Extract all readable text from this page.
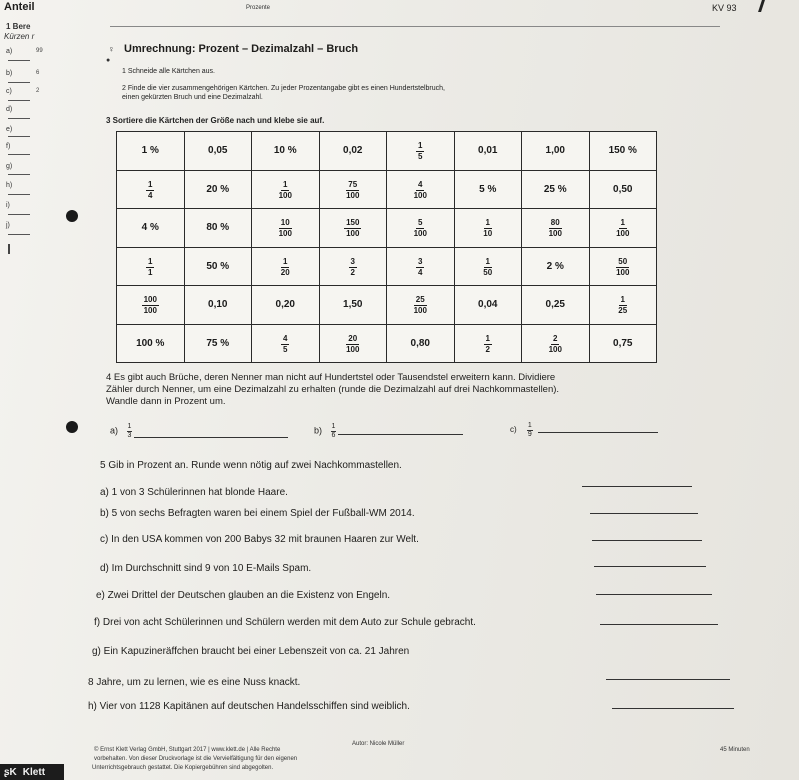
Anteil	Prozente	KV 93
1 Bere
Kürzen r
a)	99
b)	6
c)	2
d)
e)
f)
g)
h)
i)
j)
♀
●
Umrechnung: Prozent – Dezimalzahl – Bruch
1 Schneide alle Kärtchen aus.
2 Finde die vier zusammengehörigen Kärtchen. Zu jeder Prozentangabe gibt es einen Hundertstelbruch,
einen gekürzten Bruch und eine Dezimalzahl.
3 Sortiere die Kärtchen der Größe nach und klebe sie auf.
1 %	0,05	10 %	0,02	$\frac{1}{5}$	0,01	1,00	150 %

$\frac{1}{4}$	20 %	$\frac{1}{100}$	$\frac{75}{100}$	$\frac{4}{100}$	5 %	25 %	0,50
4 %	80 %	$\frac{10}{100}$	$\frac{150}{100}$	$\frac{5}{100}$	$\frac{1}{10}$	$\frac{80}{100}$	$\frac{1}{100}$

$\frac{1}{1}$	50 %	$\frac{1}{20}$	$\frac{3}{2}$	$\frac{3}{4}$	$\frac{1}{50}$	2 %	$\frac{50}{100}$

$\frac{100}{100}$	0,10	0,20	1,50	$\frac{25}{100}$	0,04	0,25	$\frac{1}{25}$

100 %	75 %	$\frac{4}{5}$	$\frac{20}{100}$	0,80	$\frac{1}{2}$	$\frac{2}{100}$	0,75
4 Es gibt auch Brüche, deren Nenner man nicht auf Hundertstel oder Tausendstel erweitern kann. Dividiere
Zähler durch Nenner, um eine Dezimalzahl zu erhalten (runde die Dezimalzahl auf drei Nachkommastellen).
Wandle dann in Prozent um.
$a) \frac{1}{3}$	$b) \frac{1}{6}$	$c) \frac{1}{9}$
5 Gib in Prozent an. Runde wenn nötig auf zwei Nachkommastellen.
a) 1 von 3 Schülerinnen hat blonde Haare.
b) 5 von sechs Befragten waren bei einem Spiel der Fußball-WM 2014.
c) In den USA kommen von 200 Babys 32 mit braunen Haaren zur Welt.
d) Im Durchschnitt sind 9 von 10 E-Mails Spam.
e) Zwei Drittel der Deutschen glauben an die Existenz von Engeln.
f) Drei von acht Schülerinnen und Schülern werden mit dem Auto zur Schule gebracht.
g) Ein Kapuzineräffchen braucht bei einer Lebenszeit von ca. 21 Jahren
8 Jahre, um zu lernen, wie es eine Nuss knackt.
h) Vier von 1128 Kapitänen auf deutschen Handelsschiffen sind weiblich.
ʂK Klett
© Ernst Klett Verlag GmbH, Stuttgart 2017 | www.klett.de | Alle Rechte
vorbehalten. Von dieser Druckvorlage ist die Vervielfältigung für den eigenen
Unterrichtsgebrauch gestattet. Die Kopiergebühren sind abgegolten.
Autor: Nicole Müller
45 Minuten
